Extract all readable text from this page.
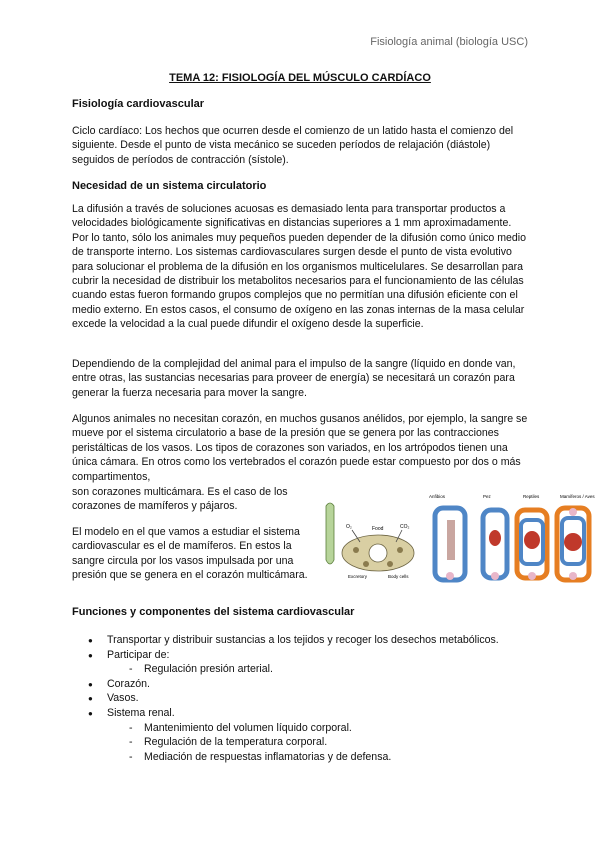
Fisiología animal (biología USC)
TEMA 12: FISIOLOGÍA DEL MÚSCULO CARDÍACO
Fisiología cardiovascular
Ciclo cardíaco: Los hechos que ocurren desde el comienzo de un latido hasta el comienzo del siguiente. Desde el punto de vista mecánico se suceden períodos de relajación (diástole) seguidos de períodos de contracción (sístole).
Necesidad de un sistema circulatorio
La difusión a través de soluciones acuosas es demasiado lenta para transportar productos a velocidades biológicamente significativas en distancias superiores a 1 mm aproximadamente. Por lo tanto, sólo los animales muy pequeños pueden depender de la difusión como único medio de transporte interno. Los sistemas cardiovasculares surgen desde el punto de vista evolutivo para solucionar el problema de la difusión en los organismos multicelulares. Se desarrollan para cubrir la necesidad de distribuir los metabolitos necesarios para el funcionamiento de las células cuando estas fueron formando grupos complejos que no permitían una difusión eficiente con el medio externo. En estos casos, el consumo de oxígeno en las zonas internas de la masa celular excede la velocidad a la cual puede difundir el oxígeno desde la superficie.
Dependiendo de la complejidad del animal para el impulso de la sangre (líquido en donde van, entre otras, las sustancias necesarias para proveer de energía) se necesitará un corazón para generar la fuerza necesaria para mover la sangre.
Algunos animales no necesitan corazón, en muchos gusanos anélidos, por ejemplo, la sangre se mueve por el sistema circulatorio a base de la presión que se genera por las contracciones peristálticas de los vasos. Los tipos de corazones son variados, en los artrópodos tienen una única cámara. En otros como los vertebrados el corazón puede estar compuesto por dos o más compartimentos,
son corazones multicámara. Es el caso de los corazones de mamíferos y pájaros.
El modelo en el que vamos a estudiar el sistema cardiovascular es el de mamíferos. En estos la sangre circula por los vasos impulsada por una presión que se genera en el corazón multicámara.
O₂	Food	CO₂
Excretory	Body cells
Anfibios	Pez	Reptiles	Mamíferos / Aves
Funciones y componentes del sistema cardiovascular
● Transportar y distribuir sustancias a los tejidos y recoger los desechos metabólicos.
● Participar de:
- Regulación presión arterial.
● Corazón.
● Vasos.
● Sistema renal.
- Mantenimiento del volumen líquido corporal.
- Regulación de la temperatura corporal.
- Mediación de respuestas inflamatorias y de defensa.
